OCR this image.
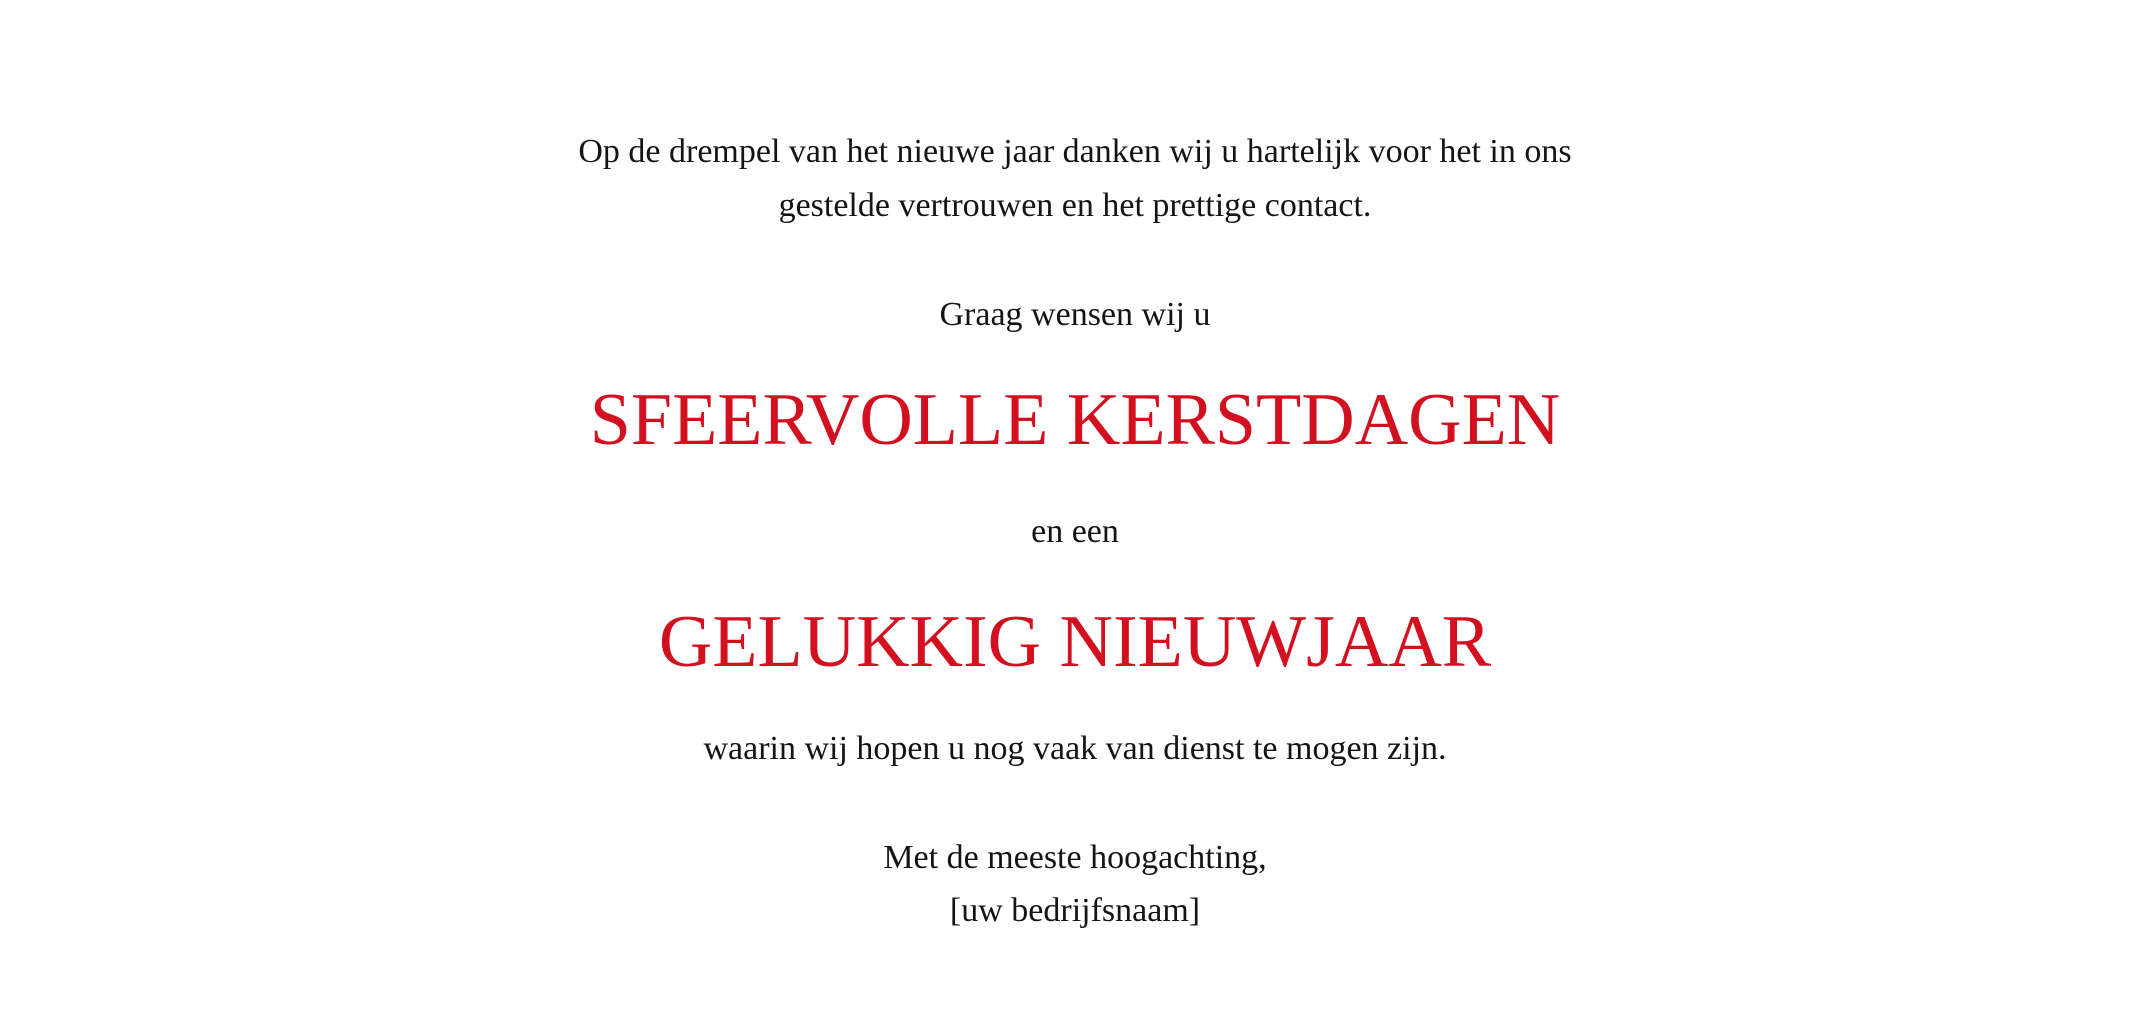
Op de drempel van het nieuwe jaar danken wij u hartelijk voor het in ons
gestelde vertrouwen en het prettige contact.
Graag wensen wij u
SFEERVOLLE KERSTDAGEN
en een
GELUKKIG NIEUWJAAR
waarin wij hopen u nog vaak van dienst te mogen zijn.
Met de meeste hoogachting,
[uw bedrijfsnaam]
